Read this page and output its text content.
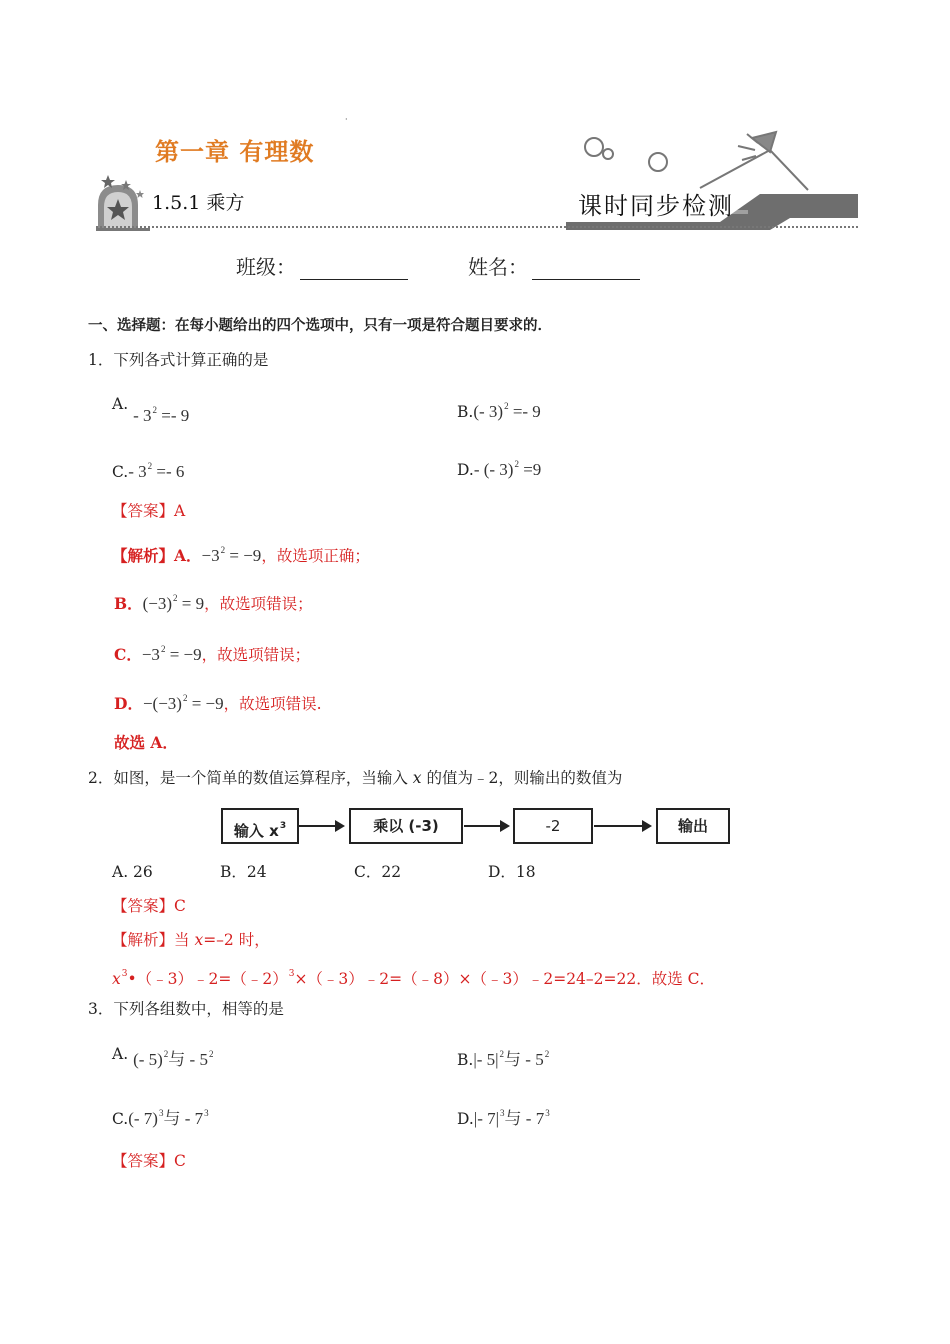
·
第一章 有理数
1.5.1 乘方	课时同步检测
班级：	姓名：
一、选择题：在每小题给出的四个选项中，只有一项是符合题目要求的．
1．下列各式计算正确的是
A. - $3^2 =- 9$	B.(- 3)$^2$ =- 9
C.- $3^2 =- 6$	D.- (- 3)$^2$ =9
【答案】A
【解析】A．$-3^2 = -9$，故选项正确；
B．$(-3)^2 = 9$，故选项错误；
C．$-3^2 = -9$，故选项错误；
D．$-(-3)^2 = -9$，故选项错误.
故选 A．
2．如图，是一个简单的数值运算程序，当输入 x 的值为﹣2，则输出的数值为
输入 $x^3$	乘以 (-3)	-2	输出
A. 26	B．24	C．22	D．18
【答案】C
【解析】当 x=–2 时，
$x^3•(﹣3)﹣2=(﹣2)^3\times(﹣3)﹣2=(﹣8)\times(﹣3)﹣2=24-2=22$．故选 C．
3．下列各组数中，相等的是
A. (- 5)$^2$与 - $5^2$	B.|- $5|^2$与 - $5^2$
C.(- 7)$^3$与 - $7^3$	D.|- $7|^3$与 - $7^3$
【答案】C
